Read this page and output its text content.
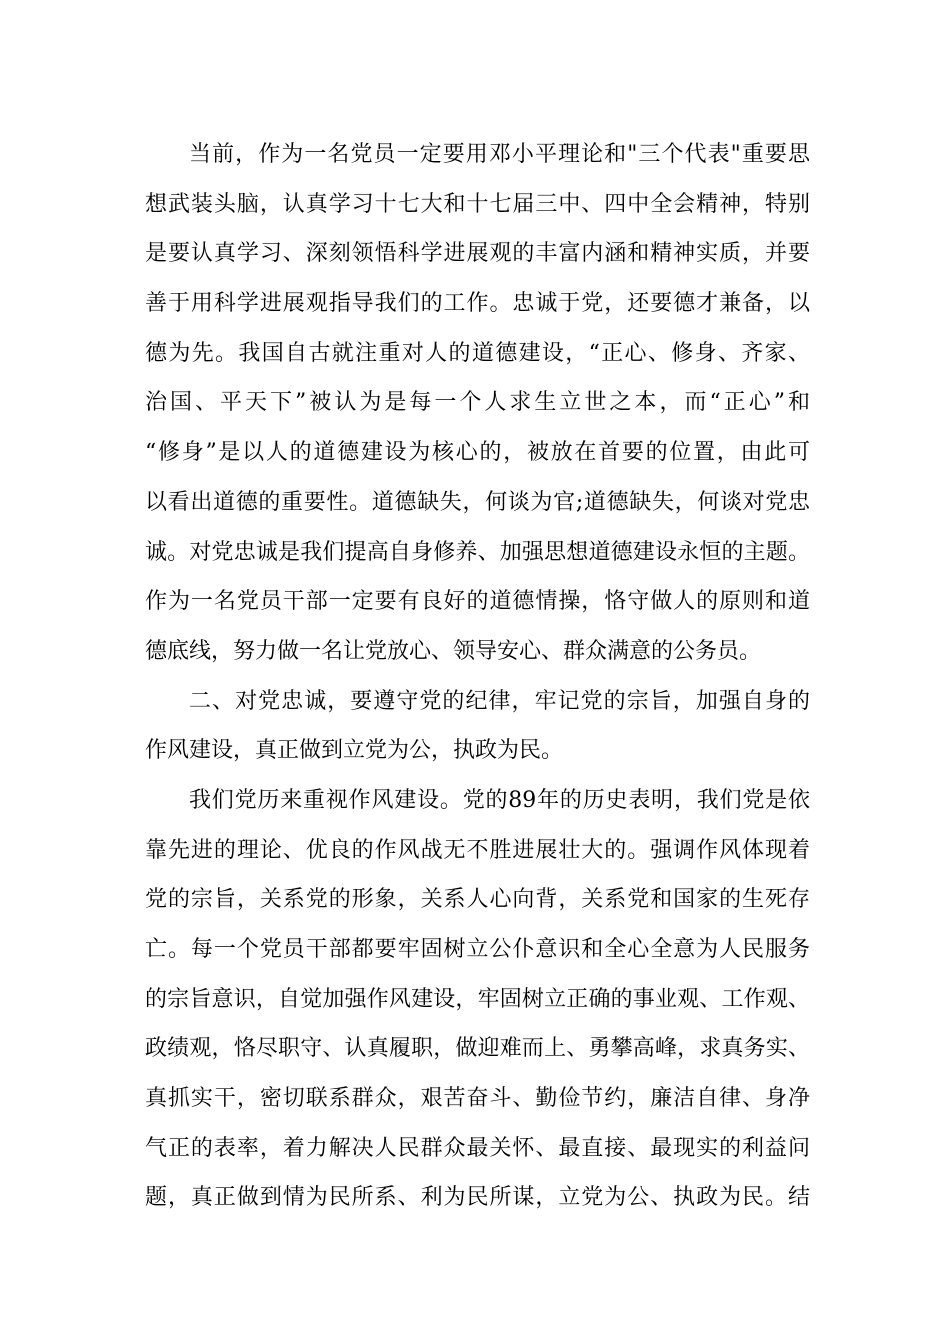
当前，作为一名党员一定要用邓小平理论和"三个代表"重要思
想武装头脑，认真学习十七大和十七届三中、四中全会精神，特别
是要认真学习、深刻领悟科学进展观的丰富内涵和精神实质，并要
善于用科学进展观指导我们的工作。忠诚于党，还要德才兼备，以
德为先。我国自古就注重对人的道德建设，“正心、修身、齐家、
治国、平天下”被认为是每一个人求生立世之本，而“正心”和
“修身”是以人的道德建设为核心的，被放在首要的位置，由此可
以看出道德的重要性。道德缺失，何谈为官;道德缺失，何谈对党忠
诚。对党忠诚是我们提高自身修养、加强思想道德建设永恒的主题。
作为一名党员干部一定要有良好的道德情操，恪守做人的原则和道
德底线，努力做一名让党放心、领导安心、群众满意的公务员。
二、对党忠诚，要遵守党的纪律，牢记党的宗旨，加强自身的
作风建设，真正做到立党为公，执政为民。
我们党历来重视作风建设。党的89年的历史表明，我们党是依
靠先进的理论、优良的作风战无不胜进展壮大的。强调作风体现着
党的宗旨，关系党的形象，关系人心向背，关系党和国家的生死存
亡。每一个党员干部都要牢固树立公仆意识和全心全意为人民服务
的宗旨意识，自觉加强作风建设，牢固树立正确的事业观、工作观、
政绩观，恪尽职守、认真履职，做迎难而上、勇攀高峰，求真务实、
真抓实干，密切联系群众，艰苦奋斗、勤俭节约，廉洁自律、身净
气正的表率，着力解决人民群众最关怀、最直接、最现实的利益问
题，真正做到情为民所系、利为民所谋，立党为公、执政为民。结
